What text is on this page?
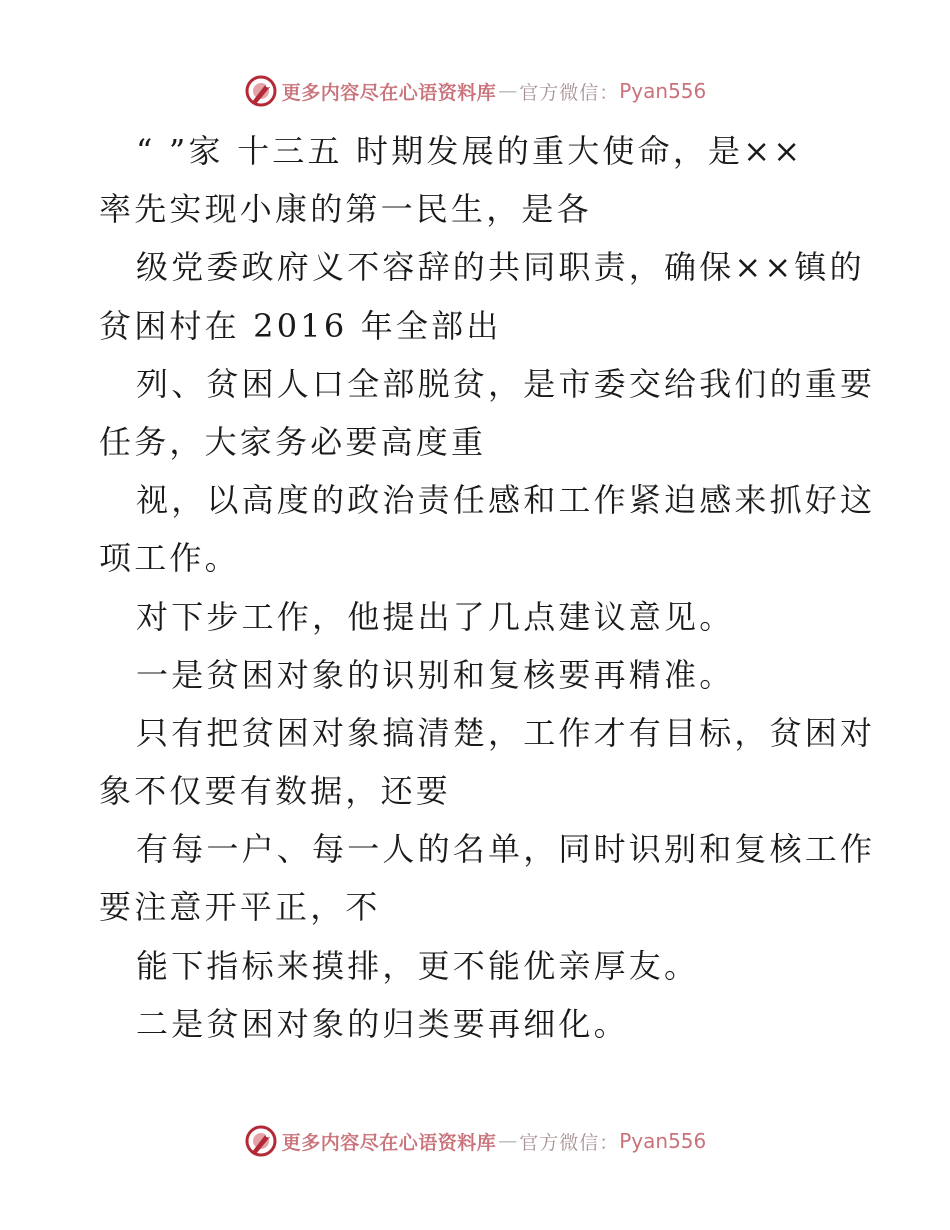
更多内容尽在心语资料库 — 官方微信： Pyan556
“ ”家 十三五 时期发展的重大使命，是××
率先实现小康的第一民生，是各
级党委政府义不容辞的共同职责，确保××镇的
贫困村在 2016 年全部出
列、贫困人口全部脱贫，是市委交给我们的重要
任务，大家务必要高度重
视，以高度的政治责任感和工作紧迫感来抓好这
项工作。
对下步工作，他提出了几点建议意见。
一是贫困对象的识别和复核要再精准。
只有把贫困对象搞清楚，工作才有目标，贫困对
象不仅要有数据，还要
有每一户、每一人的名单，同时识别和复核工作
要注意开平正，不
能下指标来摸排，更不能优亲厚友。
二是贫困对象的归类要再细化。
更多内容尽在心语资料库 — 官方微信： Pyan556
